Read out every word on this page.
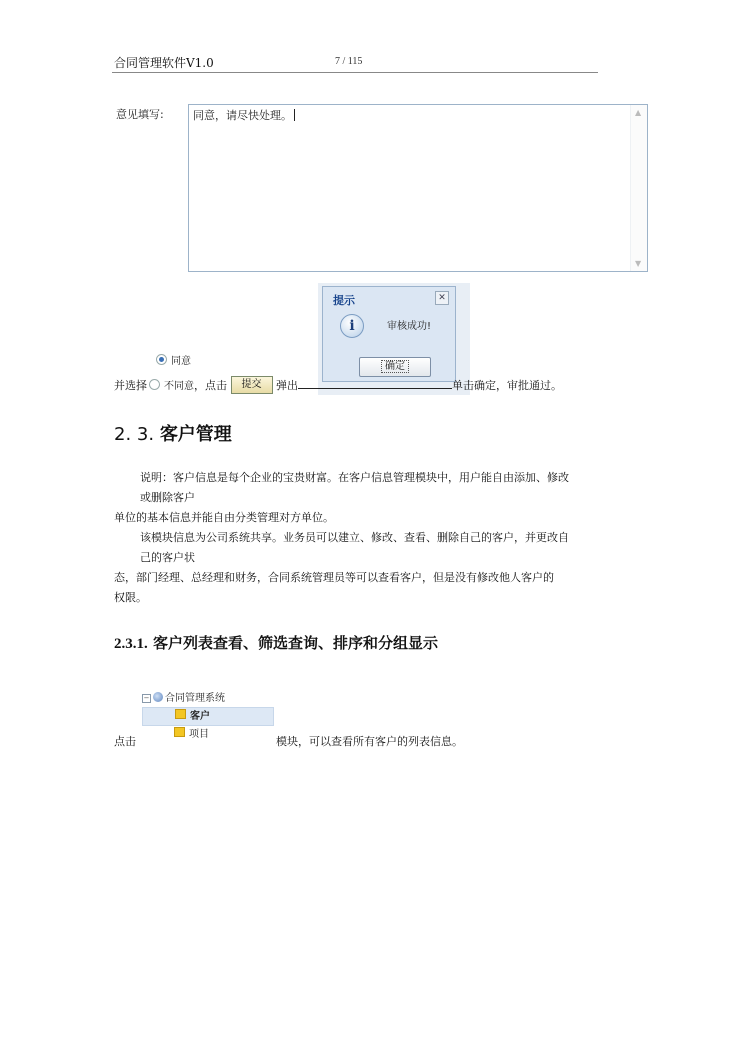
合同管理软件V1.0	7 / 115
意见填写:	同意，请尽快处理。	▲
▼
提示	✕
i	审核成功!
确定
同意
并选择 不同意，点击 提交 弹出	单击确定，审批通过。
2. 3. 客户管理
说明：客户信息是每个企业的宝贵财富。在客户信息管理模块中，用户能自由添加、修改
或删除客户
单位的基本信息并能自由分类管理对方单位。
该模块信息为公司系统共享。业务员可以建立、修改、查看、删除自己的客户，并更改自
己的客户状
态，部门经理、总经理和财务，合同系统管理员等可以查看客户，但是没有修改他人客户的
权限。
2.3.1. 客户列表查看、筛选查询、排序和分组显示
− 合同管理系统
客户
项目
点击	模块，可以查看所有客户的列表信息。
